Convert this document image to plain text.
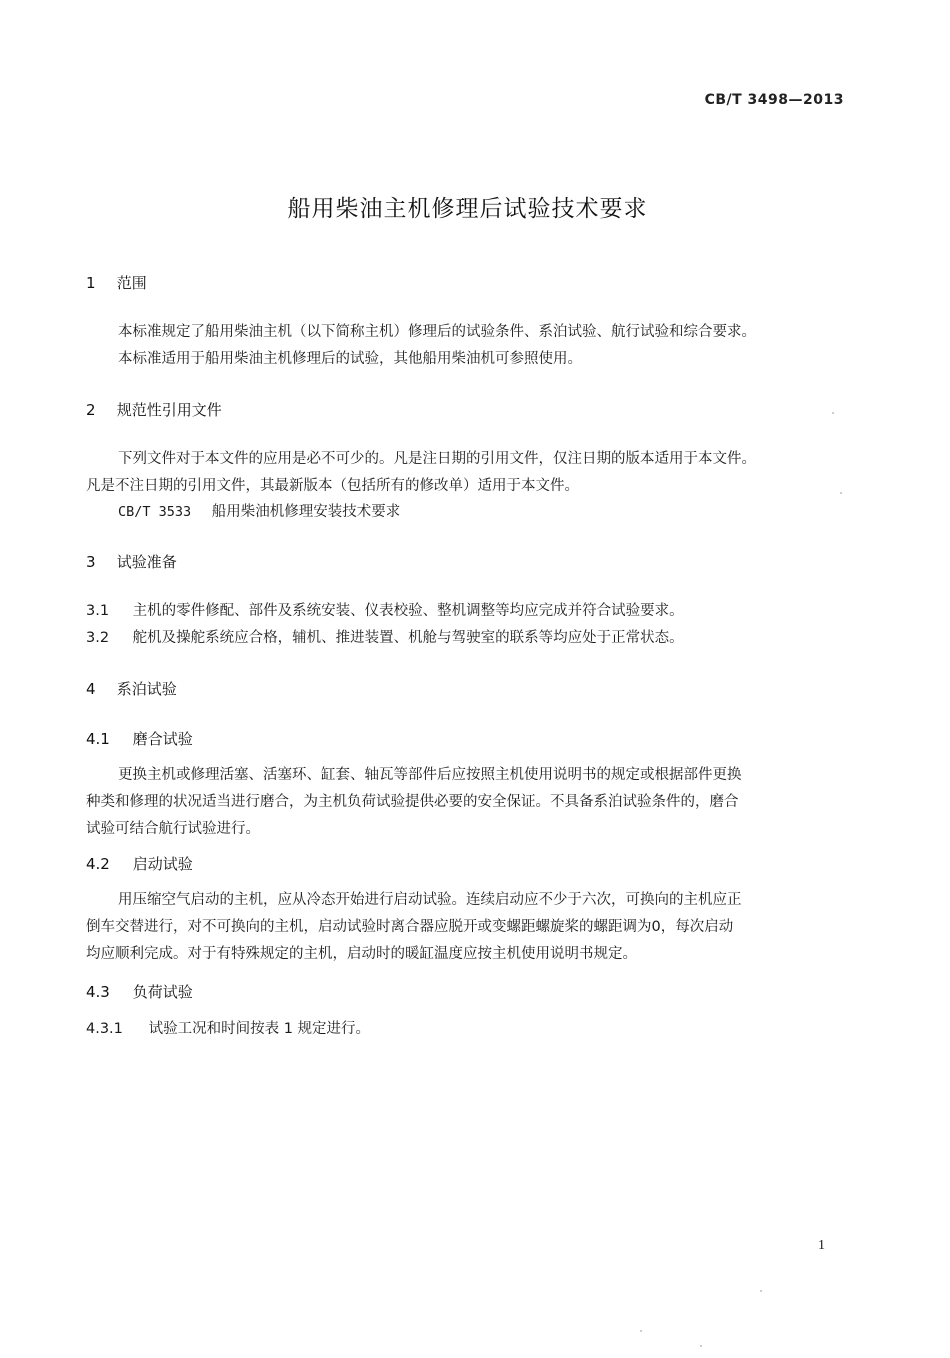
CB/T 3498—2013
船用柴油主机修理后试验技术要求
1 范围
本标准规定了船用柴油主机（以下简称主机）修理后的试验条件、系泊试验、航行试验和综合要求。
本标准适用于船用柴油主机修理后的试验，其他船用柴油机可参照使用。
2 规范性引用文件
下列文件对于本文件的应用是必不可少的。凡是注日期的引用文件，仅注日期的版本适用于本文件。
凡是不注日期的引用文件，其最新版本（包括所有的修改单）适用于本文件。
CB/T 3533 船用柴油机修理安装技术要求
3 试验准备
3.1 主机的零件修配、部件及系统安装、仪表校验、整机调整等均应完成并符合试验要求。
3.2 舵机及操舵系统应合格，辅机、推进装置、机舱与驾驶室的联系等均应处于正常状态。
4 系泊试验
4.1 磨合试验
更换主机或修理活塞、活塞环、缸套、轴瓦等部件后应按照主机使用说明书的规定或根据部件更换
种类和修理的状况适当进行磨合，为主机负荷试验提供必要的安全保证。不具备系泊试验条件的，磨合
试验可结合航行试验进行。
4.2 启动试验
用压缩空气启动的主机，应从冷态开始进行启动试验。连续启动应不少于六次，可换向的主机应正
倒车交替进行，对不可换向的主机，启动试验时离合器应脱开或变螺距螺旋桨的螺距调为0，每次启动
均应顺利完成。对于有特殊规定的主机，启动时的暖缸温度应按主机使用说明书规定。
4.3 负荷试验
4.3.1 试验工况和时间按表 1 规定进行。
1
